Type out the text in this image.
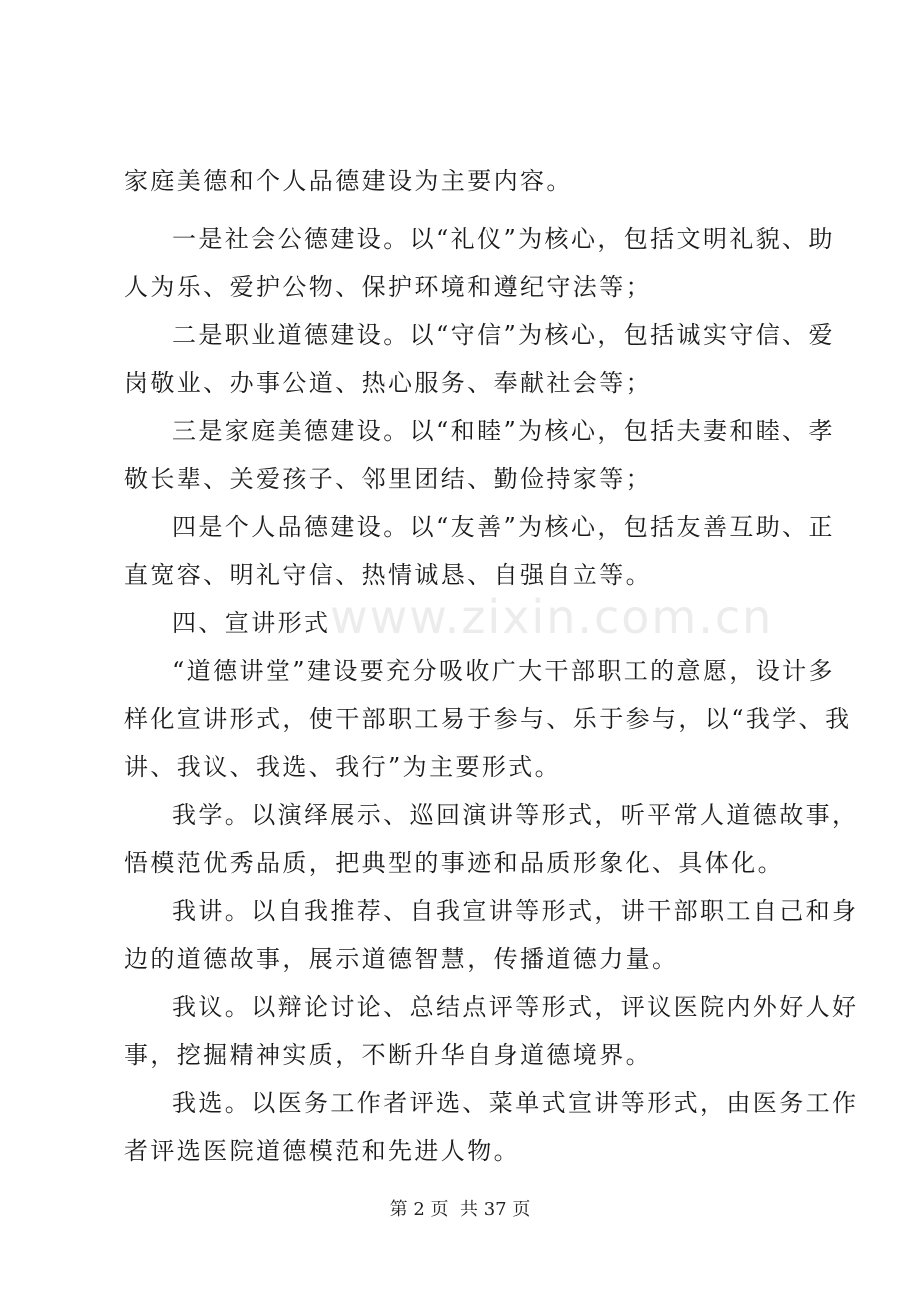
www.zixin.com.cn
家庭美德和个人品德建设为主要内容。
一是社会公德建设。以“礼仪”为核心，包括文明礼貌、助
人为乐、爱护公物、保护环境和遵纪守法等；
二是职业道德建设。以“守信”为核心，包括诚实守信、爱
岗敬业、办事公道、热心服务、奉献社会等；
三是家庭美德建设。以“和睦”为核心，包括夫妻和睦、孝
敬长辈、关爱孩子、邻里团结、勤俭持家等；
四是个人品德建设。以“友善”为核心，包括友善互助、正
直宽容、明礼守信、热情诚恳、自强自立等。
四、宣讲形式
“道德讲堂”建设要充分吸收广大干部职工的意愿，设计多
样化宣讲形式，使干部职工易于参与、乐于参与，以“我学、我
讲、我议、我选、我行”为主要形式。
我学。以演绎展示、巡回演讲等形式，听平常人道德故事，
悟模范优秀品质，把典型的事迹和品质形象化、具体化。
我讲。以自我推荐、自我宣讲等形式，讲干部职工自己和身
边的道德故事，展示道德智慧，传播道德力量。
我议。以辩论讨论、总结点评等形式，评议医院内外好人好
事，挖掘精神实质，不断升华自身道德境界。
我选。以医务工作者评选、菜单式宣讲等形式，由医务工作
者评选医院道德模范和先进人物。
第 2 页  共 37 页
